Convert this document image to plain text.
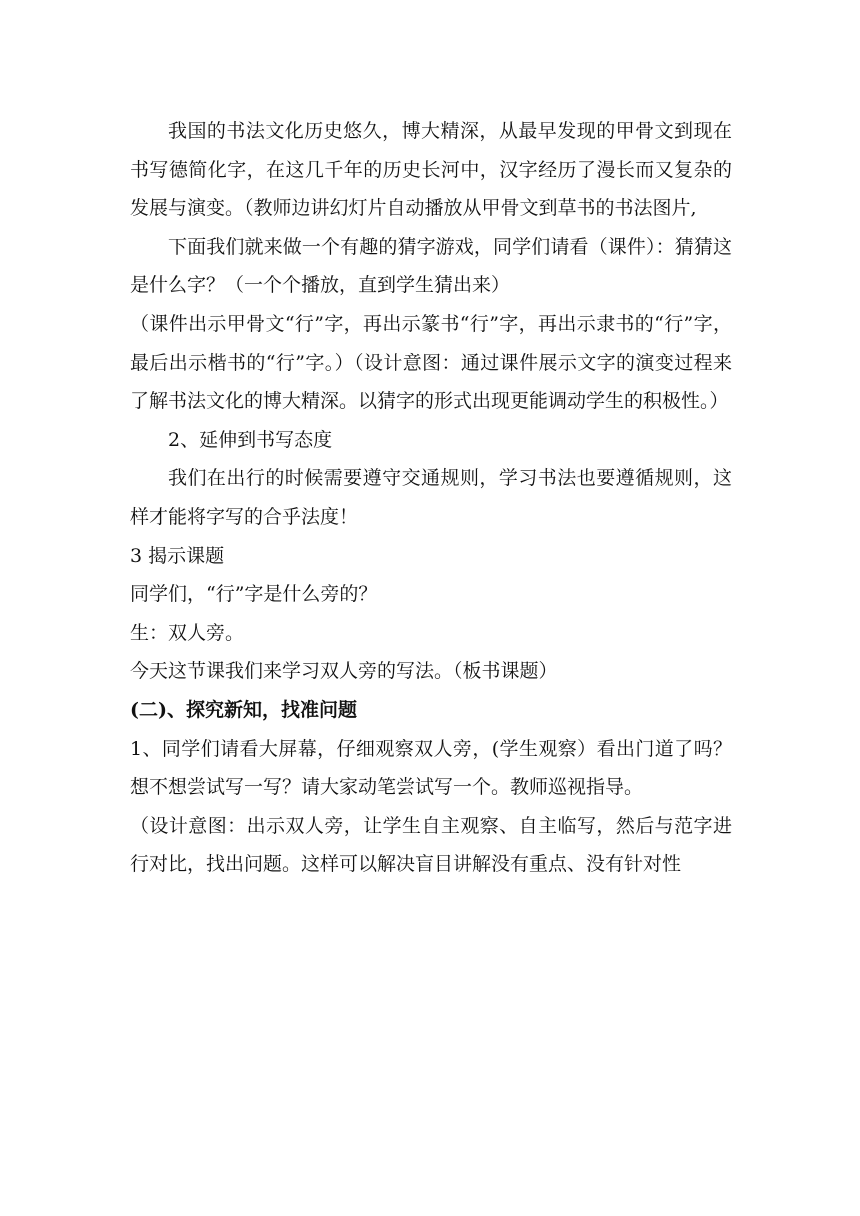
我国的书法文化历史悠久，博大精深，从最早发现的甲骨文到现在书写德简化字，在这几千年的历史长河中，汉字经历了漫长而又复杂的发展与演变。（教师边讲幻灯片自动播放从甲骨文到草书的书法图片,

下面我们就来做一个有趣的猜字游戏，同学们请看（课件）：猜猜这是什么字？（一个个播放，直到学生猜出来）

（课件出示甲骨文“行”字，再出示篆书“行”字，再出示隶书的“行”字，最后出示楷书的“行”字。）（设计意图：通过课件展示文字的演变过程来了解书法文化的博大精深。以猜字的形式出现更能调动学生的积极性。）

2、延伸到书写态度

我们在出行的时候需要遵守交通规则，学习书法也要遵循规则，这样才能将字写的合乎法度！

3 揭示课题

同学们，“行”字是什么旁的？

生：双人旁。

今天这节课我们来学习双人旁的写法。（板书课题）

(二)、探究新知，找准问题

1、同学们请看大屏幕，仔细观察双人旁，(学生观察）看出门道了吗？想不想尝试写一写？请大家动笔尝试写一个。教师巡视指导。

（设计意图：出示双人旁，让学生自主观察、自主临写，然后与范字进行对比，找出问题。这样可以解决盲目讲解没有重点、没有针对性
